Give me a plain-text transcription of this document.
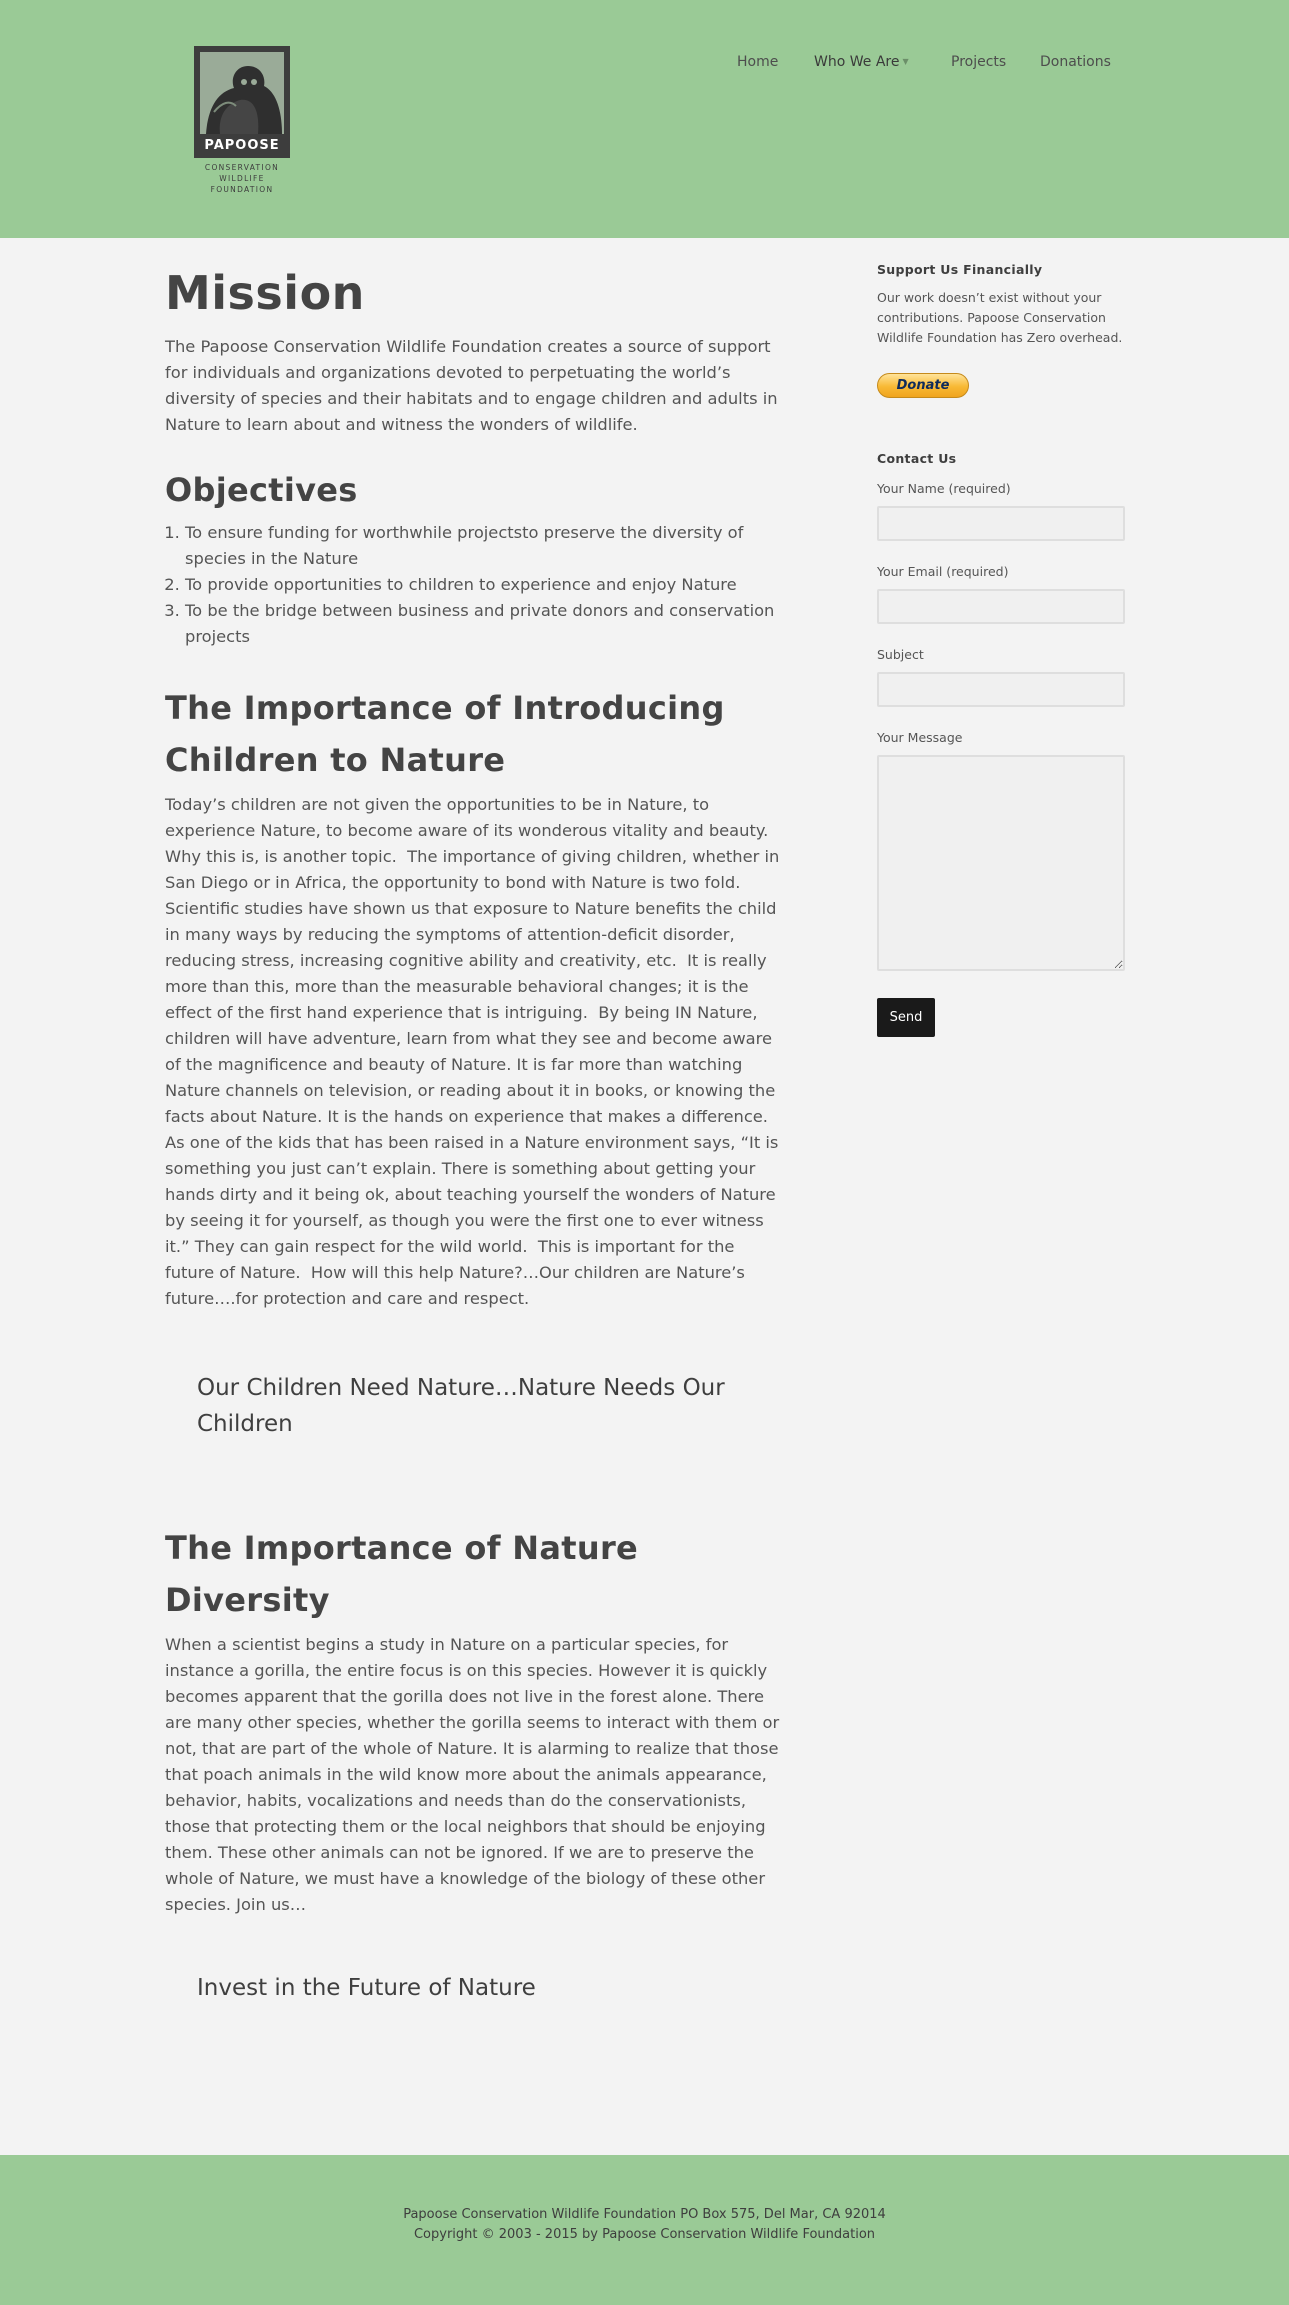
PAPOOSE
CONSERVATION
WILDLIFE
FOUNDATION
Home	Who We Are ▼	Projects Donations
Mission

The Papoose Conservation Wildlife Foundation creates a source of support for individuals and organizations devoted to perpetuating the world’s diversity of species and their habitats and to engage children and adults in Nature to learn about and witness the wonders of wildlife.

Objectives
1. To ensure funding for worthwhile projectsto preserve the diversity of species in the Nature
2. To provide opportunities to children to experience and enjoy Nature
3. To be the bridge between business and private donors and conservation projects
The Importance of Introducing Children to Nature

Today’s children are not given the opportunities to be in Nature, to experience Nature, to become aware of its wonderous vitality and beauty. Why this is, is another topic.  The importance of giving children, whether in San Diego or in Africa, the opportunity to bond with Nature is two fold. Scientific studies have shown us that exposure to Nature benefits the child in many ways by reducing the symptoms of attention-deficit disorder, reducing stress, increasing cognitive ability and creativity, etc.  It is really more than this, more than the measurable behavioral changes; it is the effect of the first hand experience that is intriguing.  By being IN Nature, children will have adventure, learn from what they see and become aware of the magnificence and beauty of Nature. It is far more than watching Nature channels on television, or reading about it in books, or knowing the facts about Nature. It is the hands on experience that makes a difference. As one of the kids that has been raised in a Nature environment says, “It is something you just can’t explain. There is something about getting your hands dirty and it being ok, about teaching yourself the wonders of Nature by seeing it for yourself, as though you were the first one to ever witness it.” They can gain respect for the wild world.  This is important for the future of Nature.  How will this help Nature?…Our children are Nature’s future….for protection and care and respect.

Our Children Need Nature…Nature Needs Our Children
The Importance of Nature Diversity

When a scientist begins a study in Nature on a particular species, for instance a gorilla, the entire focus is on this species. However it is quickly becomes apparent that the gorilla does not live in the forest alone. There are many other species, whether the gorilla seems to interact with them or not, that are part of the whole of Nature. It is alarming to realize that those that poach animals in the wild know more about the animals appearance, behavior, habits, vocalizations and needs than do the conservationists, those that protecting them or the local neighbors that should be enjoying them. These other animals can not be ignored. If we are to preserve the whole of Nature, we must have a knowledge of the biology of these other species. Join us…

Invest in the Future of Nature
Support Us Financially
Our work doesn’t exist without your contributions. Papoose Conservation Wildlife Foundation has Zero overhead.
Donate
Contact Us
Your Name (required)
Your Email (required)
Subject
Your Message
Send

Papoose Conservation Wildlife Foundation PO Box 575, Del Mar, CA 92014

Copyright © 2003 - 2015 by Papoose Conservation Wildlife Foundation
